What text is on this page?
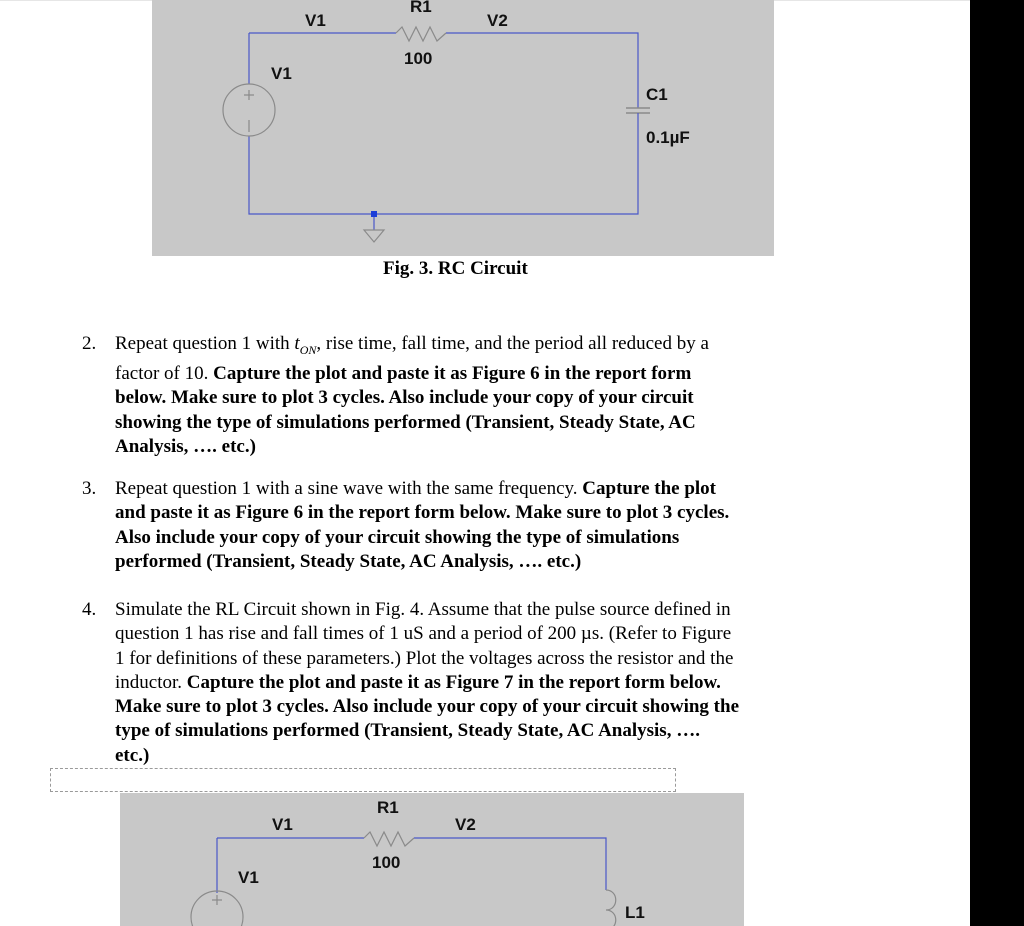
R1
V1	V2
100
V1
C1
0.1µF
Fig. 3. RC Circuit
2. Repeat question 1 with $t_{ON}$, rise time, fall time, and the period all reduced by a
factor of 10. Capture the plot and paste it as Figure 6 in the report form
below. Make sure to plot 3 cycles. Also include your copy of your circuit
showing the type of simulations performed (Transient, Steady State, AC
Analysis, …. etc.)
3. Repeat question 1 with a sine wave with the same frequency. Capture the plot
and paste it as Figure 6 in the report form below. Make sure to plot 3 cycles.
Also include your copy of your circuit showing the type of simulations
performed (Transient, Steady State, AC Analysis, …. etc.)
4. Simulate the RL Circuit shown in Fig. 4. Assume that the pulse source defined in
question 1 has rise and fall times of 1 uS and a period of 200 µs. (Refer to Figure
1 for definitions of these parameters.) Plot the voltages across the resistor and the
inductor. Capture the plot and paste it as Figure 7 in the report form below.
Make sure to plot 3 cycles. Also include your copy of your circuit showing the
type of simulations performed (Transient, Steady State, AC Analysis, ….
etc.)
R1
V1	V2
100
V1
L1
